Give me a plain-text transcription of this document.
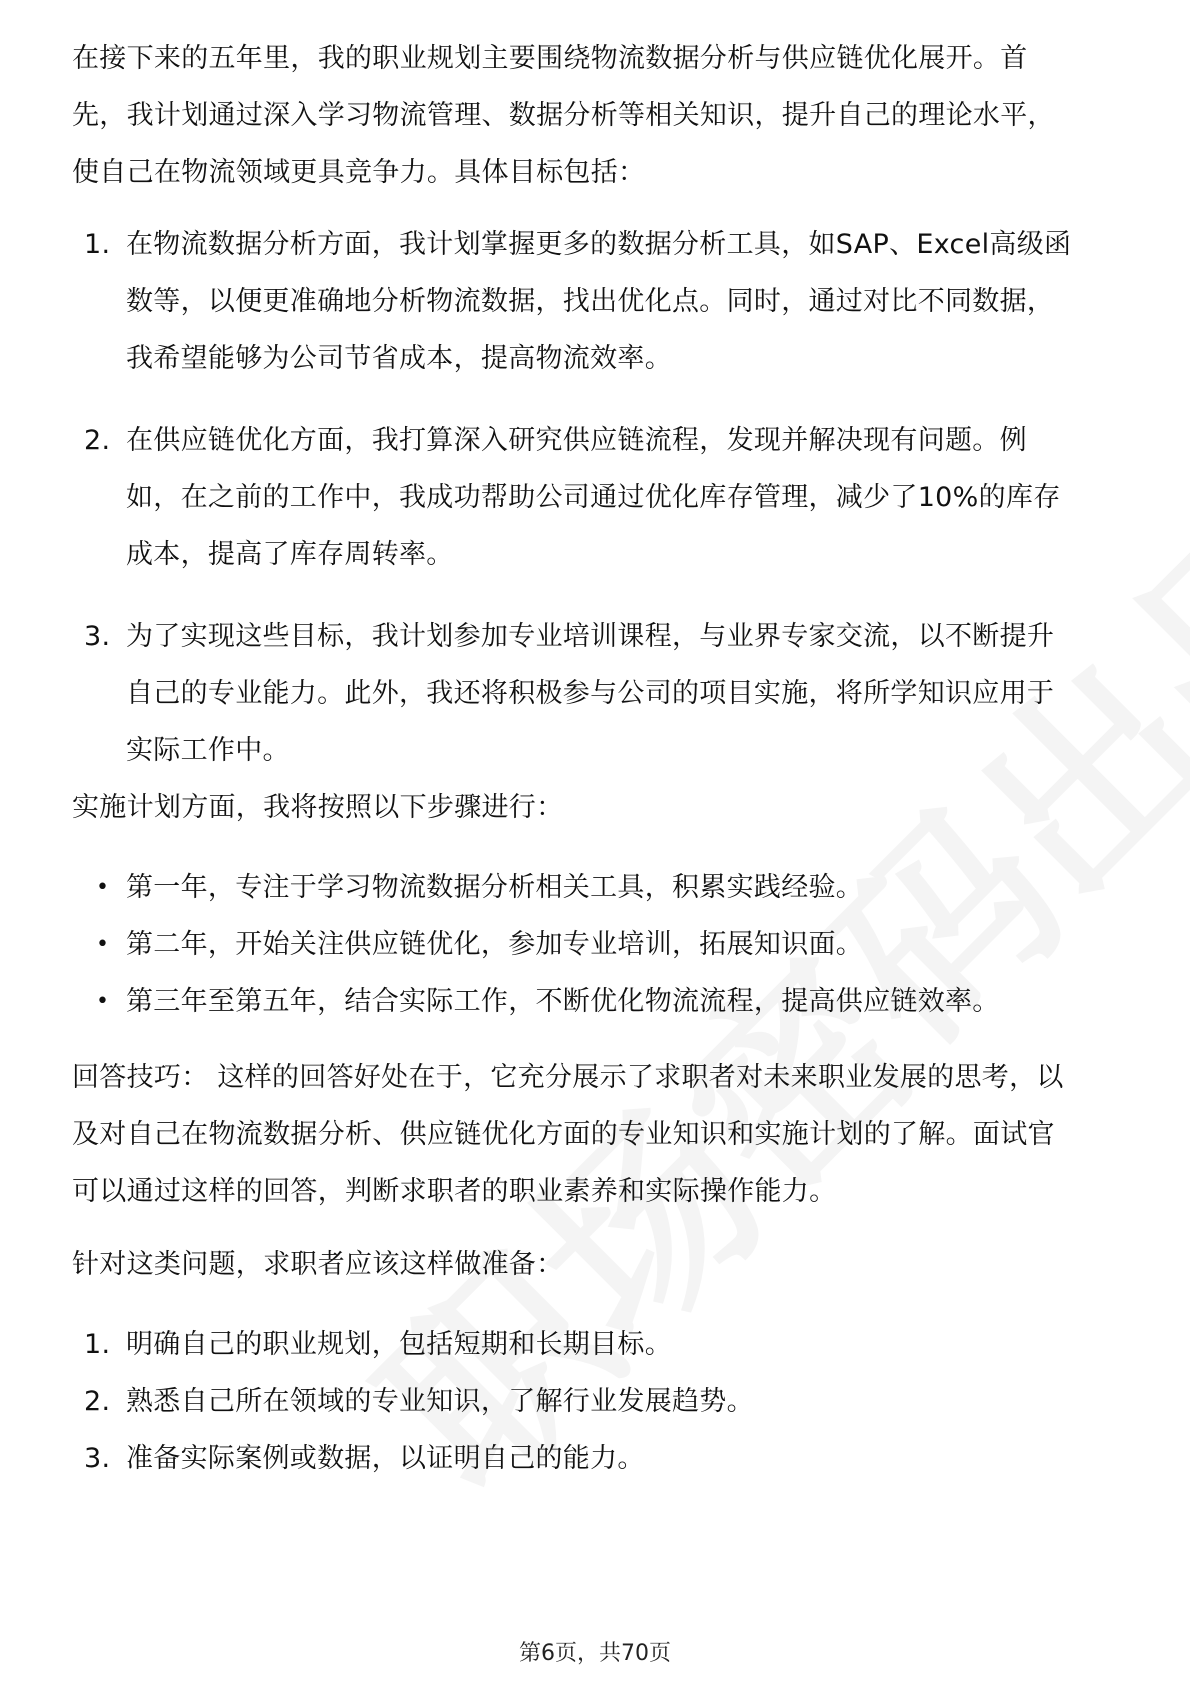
在接下来的五年里，我的职业规划主要围绕物流数据分析与供应链优化展开。首
先，我计划通过深入学习物流管理、数据分析等相关知识，提升自己的理论水平，
使自己在物流领域更具竞争力。具体目标包括：
1. 在物流数据分析方面，我计划掌握更多的数据分析工具，如SAP、Excel高级函
数等，以便更准确地分析物流数据，找出优化点。同时，通过对比不同数据，
我希望能够为公司节省成本，提高物流效率。
2. 在供应链优化方面，我打算深入研究供应链流程，发现并解决现有问题。例
如，在之前的工作中，我成功帮助公司通过优化库存管理，减少了10%的库存
成本，提高了库存周转率。
3. 为了实现这些目标，我计划参加专业培训课程，与业界专家交流，以不断提升
自己的专业能力。此外，我还将积极参与公司的项目实施，将所学知识应用于
实际工作中。
实施计划方面，我将按照以下步骤进行：
• 第一年，专注于学习物流数据分析相关工具，积累实践经验。
• 第二年，开始关注供应链优化，参加专业培训，拓展知识面。
• 第三年至第五年，结合实际工作，不断优化物流流程，提高供应链效率。
回答技巧： 这样的回答好处在于，它充分展示了求职者对未来职业发展的思考，以
及对自己在物流数据分析、供应链优化方面的专业知识和实施计划的了解。面试官
可以通过这样的回答，判断求职者的职业素养和实际操作能力。
针对这类问题，求职者应该这样做准备：
1. 明确自己的职业规划，包括短期和长期目标。
2. 熟悉自己所在领域的专业知识，了解行业发展趋势。
3. 准备实际案例或数据，以证明自己的能力。
第6页，共70页
